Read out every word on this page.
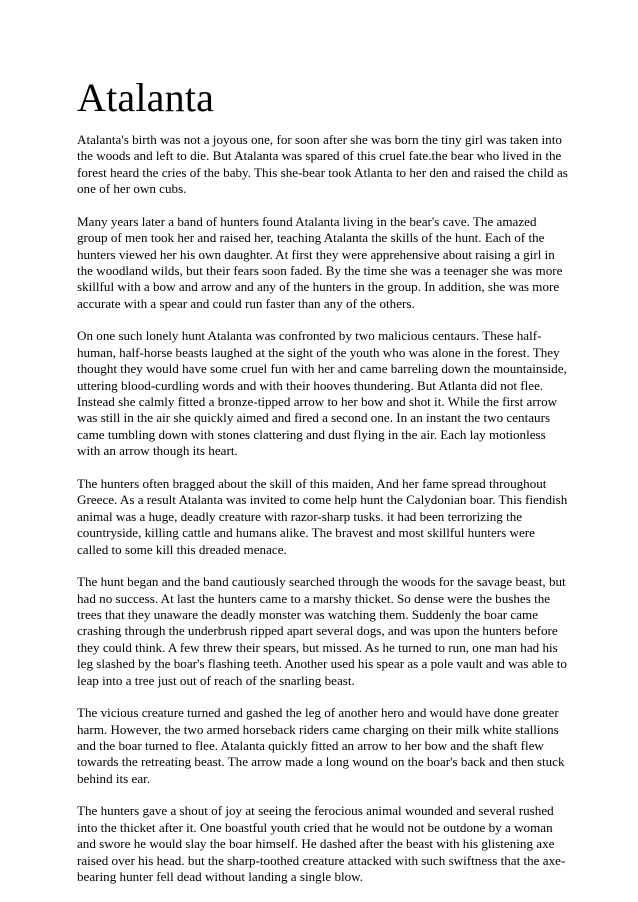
Atalanta

Atalanta's birth was not a joyous one, for soon after she was born the tiny girl was taken into the woods and left to die. But Atalanta was spared of this cruel fate.the bear who lived in the forest heard the cries of the baby. This she-bear took Atlanta to her den and raised the child as one of her own cubs.

Many years later a band of hunters found Atalanta living in the bear's cave. The amazed group of men took her and raised her, teaching Atalanta the skills of the hunt. Each of the hunters viewed her his own daughter. At first they were apprehensive about raising a girl in the woodland wilds, but their fears soon faded. By the time she was a teenager she was more skillful with a bow and arrow and any of the hunters in the group. In addition, she was more accurate with a spear and could run faster than any of the others.

On one such lonely hunt Atalanta was confronted by two malicious centaurs. These half-human, half-horse beasts laughed at the sight of the youth who was alone in the forest. They thought they would have some cruel fun with her and came barreling down the mountainside, uttering blood-curdling words and with their hooves thundering. But Atlanta did not flee. Instead she calmly fitted a bronze-tipped arrow to her bow and shot it. While the first arrow was still in the air she quickly aimed and fired a second one. In an instant the two centaurs came tumbling down with stones clattering and dust flying in the air. Each lay motionless with an arrow though its heart.

The hunters often bragged about the skill of this maiden, And her fame spread throughout Greece. As a result Atalanta was invited to come help hunt the Calydonian boar. This fiendish animal was a huge, deadly creature with razor-sharp tusks. it had been terrorizing the countryside, killing cattle and humans alike. The bravest and most skillful hunters were called to some kill this dreaded menace.

The hunt began and the band cautiously searched through the woods for the savage beast, but had no success. At last the hunters came to a marshy thicket. So dense were the bushes the trees that they unaware the deadly monster was watching them. Suddenly the boar came crashing through the underbrush ripped apart several dogs, and was upon the hunters before they could think. A few threw their spears, but missed. As he turned to run, one man had his leg slashed by the boar's flashing teeth. Another used his spear as a pole vault and was able to leap into a tree just out of reach of the snarling beast.

The vicious creature turned and gashed the leg of another hero and would have done greater harm. However, the two armed horseback riders came charging on their milk white stallions and the boar turned to flee. Atalanta quickly fitted an arrow to her bow and the shaft flew towards the retreating beast. The arrow made a long wound on the boar's back and then stuck behind its ear.

The hunters gave a shout of joy at seeing the ferocious animal wounded and several rushed into the thicket after it. One boastful youth cried that he would not be outdone by a woman and swore he would slay the boar himself. He dashed after the beast with his glistening axe raised over his head. but the sharp-toothed creature attacked with such swiftness that the axe-bearing hunter fell dead without landing a single blow.
